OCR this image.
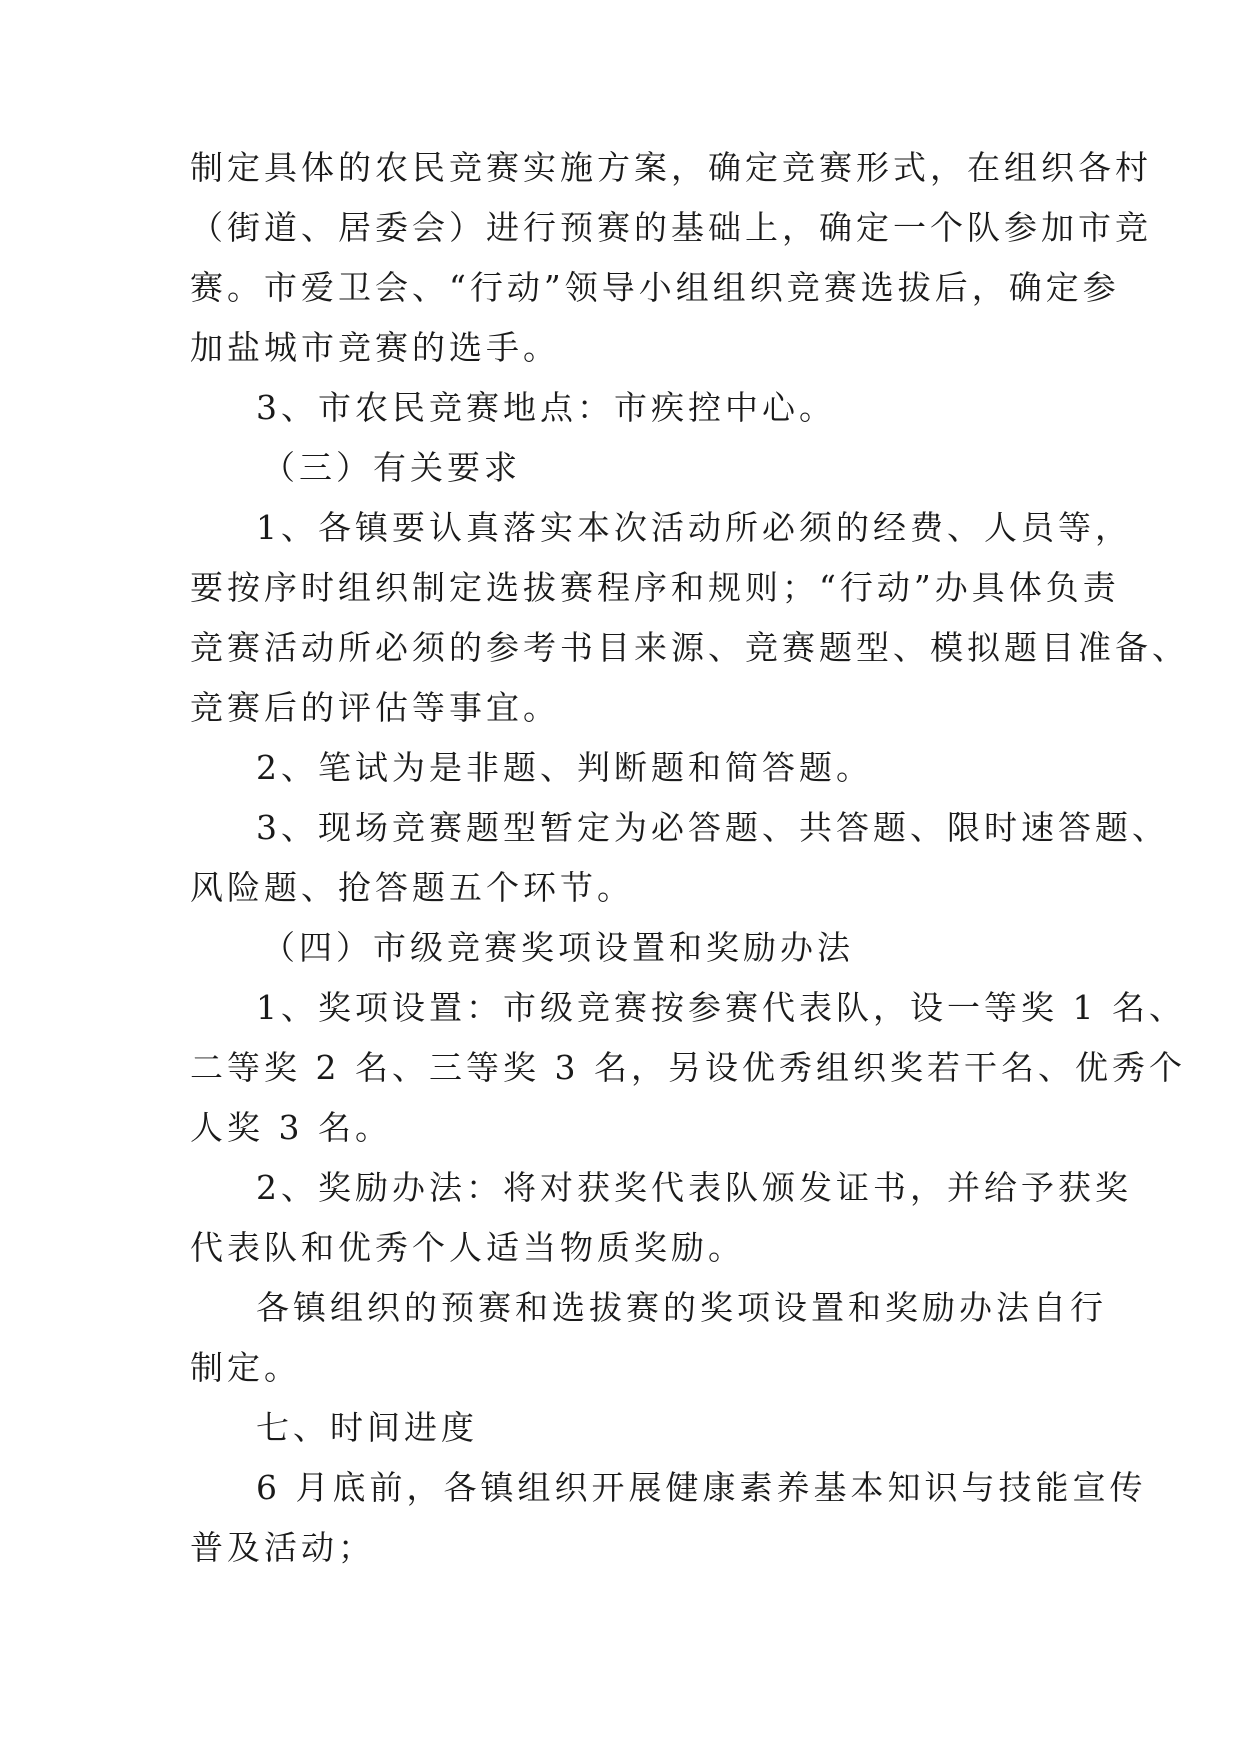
制定具体的农民竞赛实施方案，确定竞赛形式，在组织各村
（街道、居委会）进行预赛的基础上，确定一个队参加市竞
赛。市爱卫会、“行动”领导小组组织竞赛选拔后，确定参
加盐城市竞赛的选手。
3、市农民竞赛地点：市疾控中心。
（三）有关要求
1、各镇要认真落实本次活动所必须的经费、人员等，
要按序时组织制定选拔赛程序和规则；“行动”办具体负责
竞赛活动所必须的参考书目来源、竞赛题型、模拟题目准备、
竞赛后的评估等事宜。
2、笔试为是非题、判断题和简答题。
3、现场竞赛题型暂定为必答题、共答题、限时速答题、
风险题、抢答题五个环节。
（四）市级竞赛奖项设置和奖励办法
1、奖项设置：市级竞赛按参赛代表队，设一等奖 1 名、
二等奖 2 名、三等奖 3 名，另设优秀组织奖若干名、优秀个
人奖 3 名。
2、奖励办法：将对获奖代表队颁发证书，并给予获奖
代表队和优秀个人适当物质奖励。
各镇组织的预赛和选拔赛的奖项设置和奖励办法自行
制定。
七、时间进度
6 月底前，各镇组织开展健康素养基本知识与技能宣传
普及活动；
